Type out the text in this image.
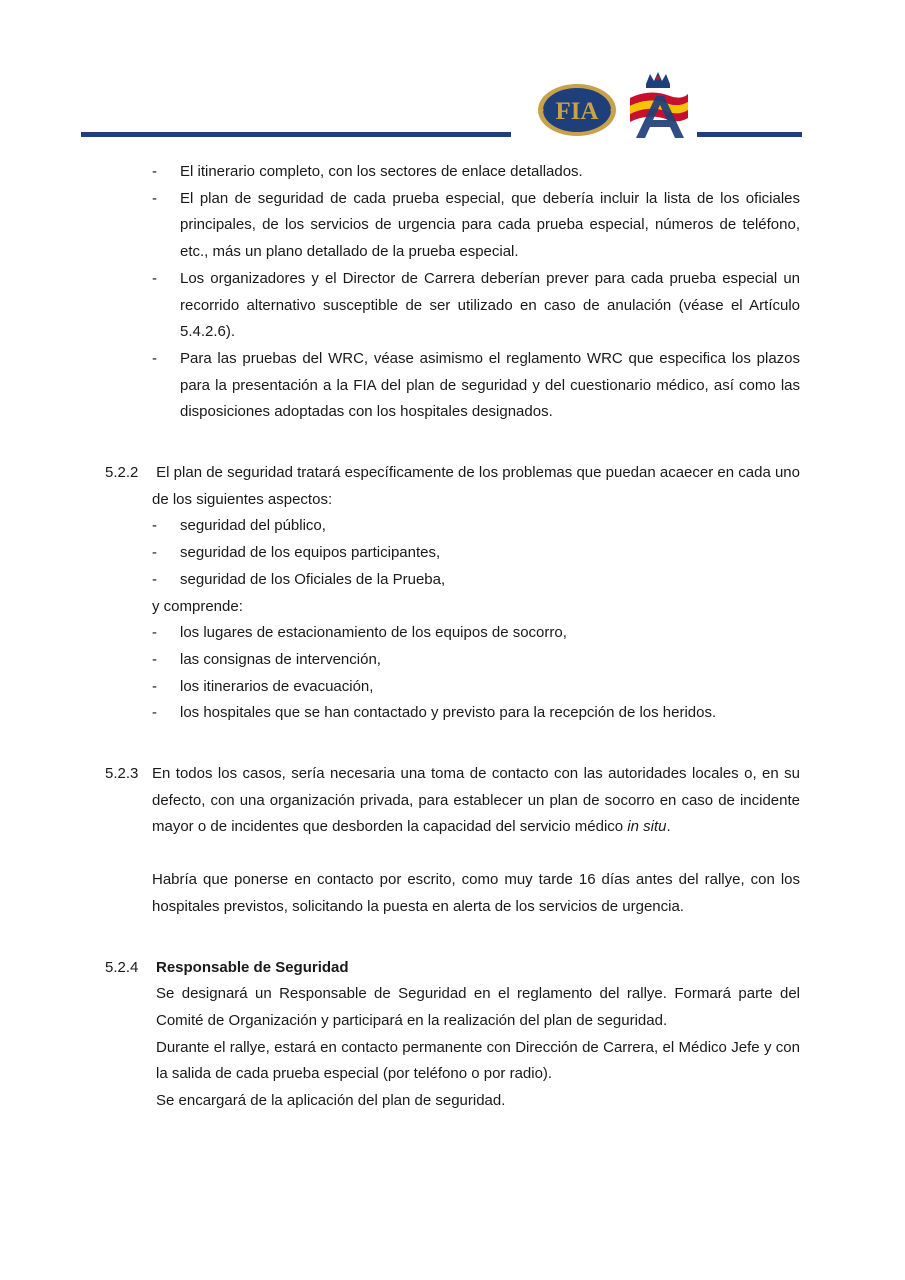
FIA
- El itinerario completo, con los sectores de enlace detallados.
- El plan de seguridad de cada prueba especial, que debería incluir la lista de los oficiales principales, de los servicios de urgencia para cada prueba especial, números de teléfono, etc., más un plano detallado de la prueba especial.
- Los organizadores y el Director de Carrera deberían prever para cada prueba especial un recorrido alternativo susceptible de ser utilizado en caso de anulación (véase el Artículo 5.4.2.6).
- Para las pruebas del WRC, véase asimismo el reglamento WRC que especifica los plazos para la presentación a la FIA del plan de seguridad y del cuestionario médico, así como las disposiciones adoptadas con los hospitales designados.
5.2.2	El plan de seguridad tratará específicamente de los problemas que puedan acaecer en cada uno de los siguientes aspectos:
- seguridad del público,
- seguridad de los equipos participantes,
- seguridad de los Oficiales de la Prueba,
y comprende:
- los lugares de estacionamiento de los equipos de socorro,
- las consignas de intervención,
- los itinerarios de evacuación,
- los hospitales que se han contactado y previsto para la recepción de los heridos.
5.2.3 En todos los casos, sería necesaria una toma de contacto con las autoridades locales o, en su defecto, con una organización privada, para establecer un plan de socorro en caso de incidente mayor o de incidentes que desborden la capacidad del servicio médico in situ.
Habría que ponerse en contacto por escrito, como muy tarde 16 días antes del rallye, con los hospitales previstos, solicitando la puesta en alerta de los servicios de urgencia.
5.2.4	Responsable de Seguridad
Se designará un Responsable de Seguridad en el reglamento del rallye. Formará parte del Comité de Organización y participará en la realización del plan de seguridad.
Durante el rallye, estará en contacto permanente con Dirección de Carrera, el Médico Jefe y con la salida de cada prueba especial (por teléfono o por radio).
Se encargará de la aplicación del plan de seguridad.
